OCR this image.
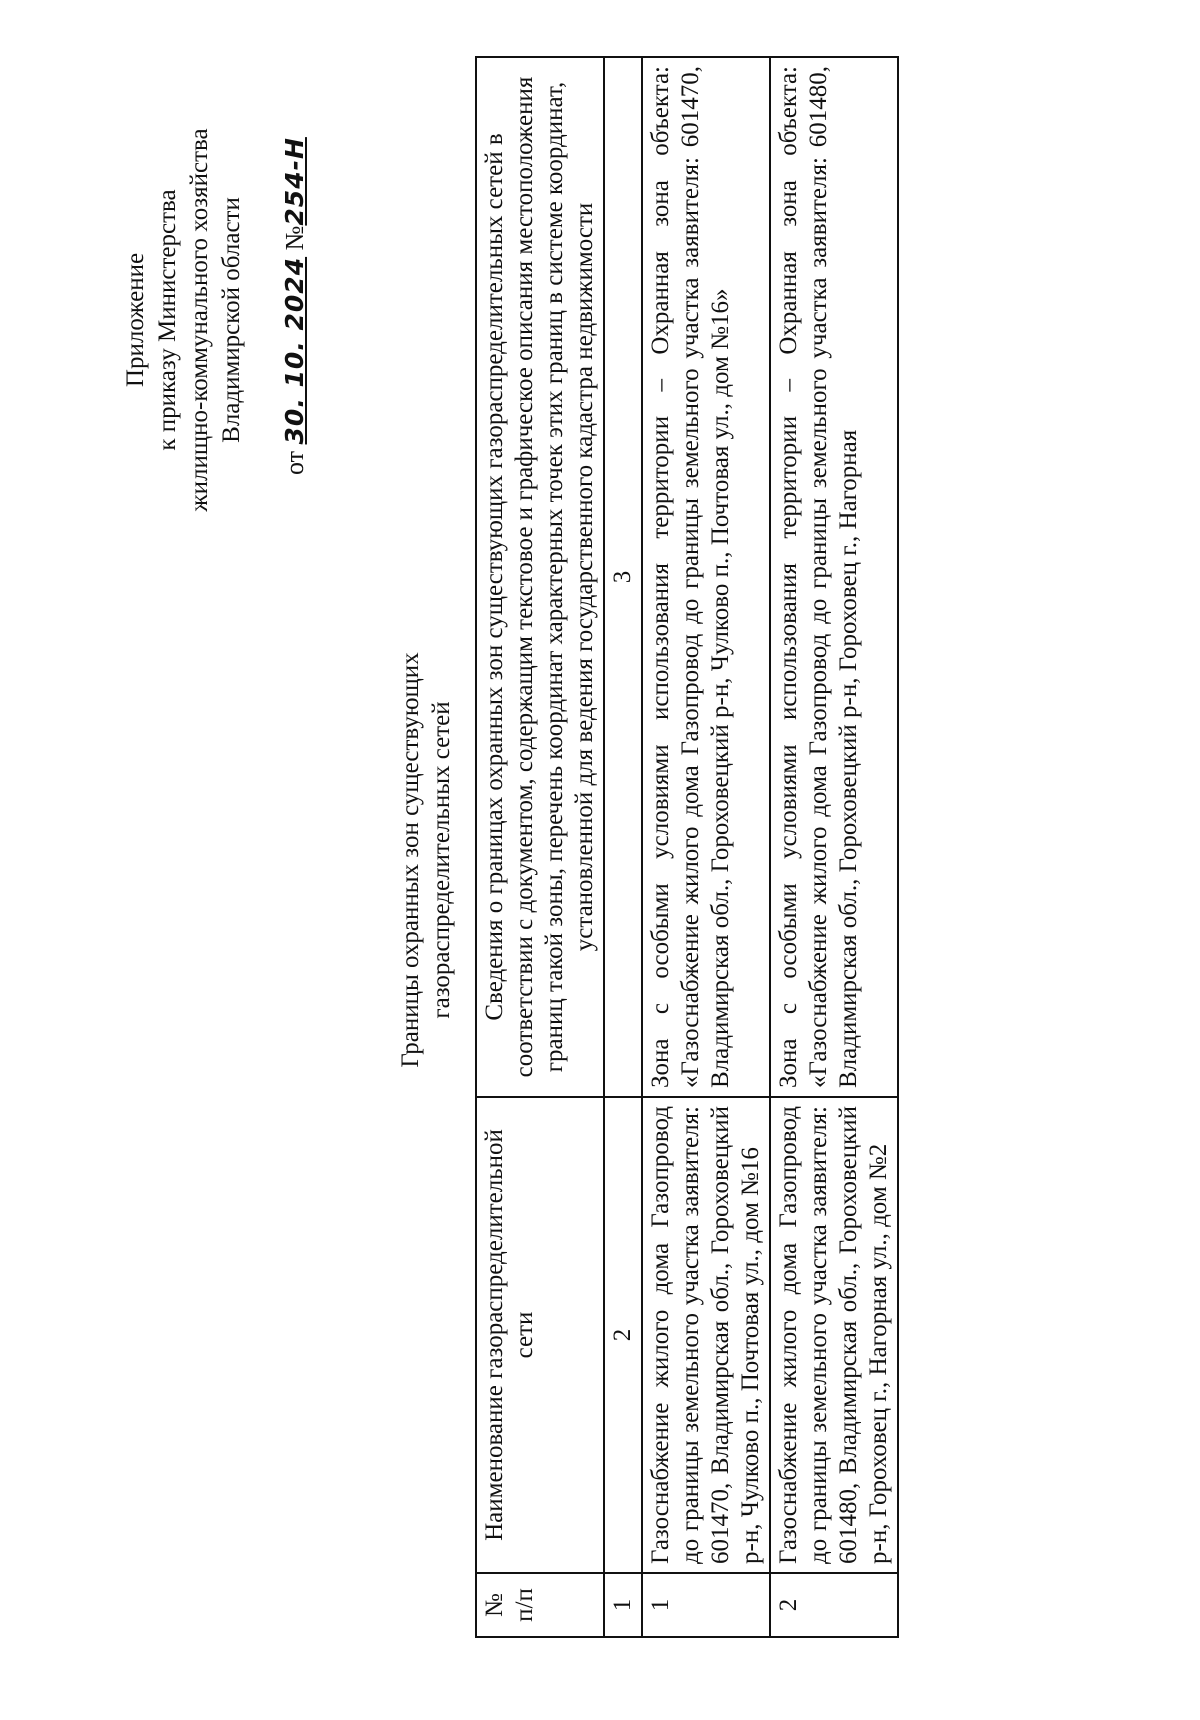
Приложение к приказу Министерства жилищно-коммунального хозяйства Владимирской области
от 30. 10. 2024 №254-Н
Границы охранных зон существующих газораспределительных сетей
№ п/п	Наименование газораспределительной сети	Сведения о границах охранных зон существующих газораспределительных сетей в соответствии с документом, содержащим текстовое и графическое описания местоположения границ такой зоны, перечень координат характерных точек этих границ в системе координат, установленной для ведения государственного кадастра недвижимости
1	2	3
1	Газоснабжение жилого дома Газопровод до границы земельного участка заявителя: 601470, Владимирская обл., Гороховецкий р-н, Чулково п., Почтовая ул., дом №16	Зона с особыми условиями использования территории – Охранная зона объекта: «Газоснабжение жилого дома Газопровод до границы земельного участка заявителя: 601470, Владимирская обл., Гороховецкий р-н, Чулково п., Почтовая ул., дом №16»
2	Газоснабжение жилого дома Газопровод до границы земельного участка заявителя: 601480, Владимирская обл., Гороховецкий р-н, Гороховец г., Нагорная ул., дом №2	Зона с особыми условиями использования территории – Охранная зона объекта: «Газоснабжение жилого дома Газопровод до границы земельного участка заявителя: 601480, Владимирская обл., Гороховецкий р-н, Гороховец г., Нагорная
